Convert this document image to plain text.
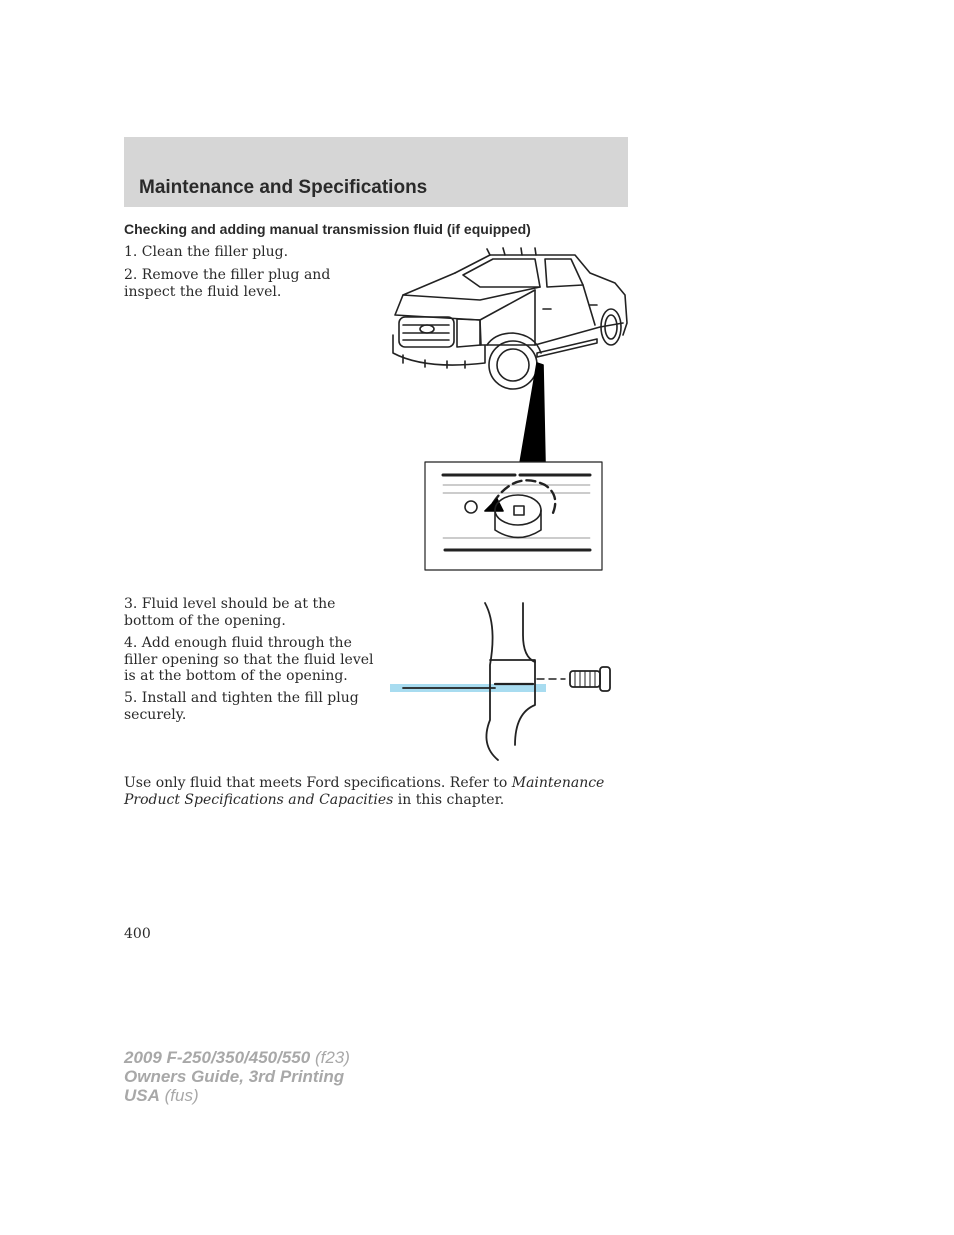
Maintenance and Specifications
Checking and adding manual transmission fluid (if equipped)
1. Clean the filler plug.
2. Remove the filler plug and inspect the fluid level.
3. Fluid level should be at the bottom of the opening.
4. Add enough fluid through the filler opening so that the fluid level is at the bottom of the opening.
5. Install and tighten the fill plug securely.
Use only fluid that meets Ford specifications. Refer to Maintenance Product Specifications and Capacities in this chapter.
400
2009 F-250/350/450/550 (f23)
Owners Guide, 3rd Printing
USA (fus)
